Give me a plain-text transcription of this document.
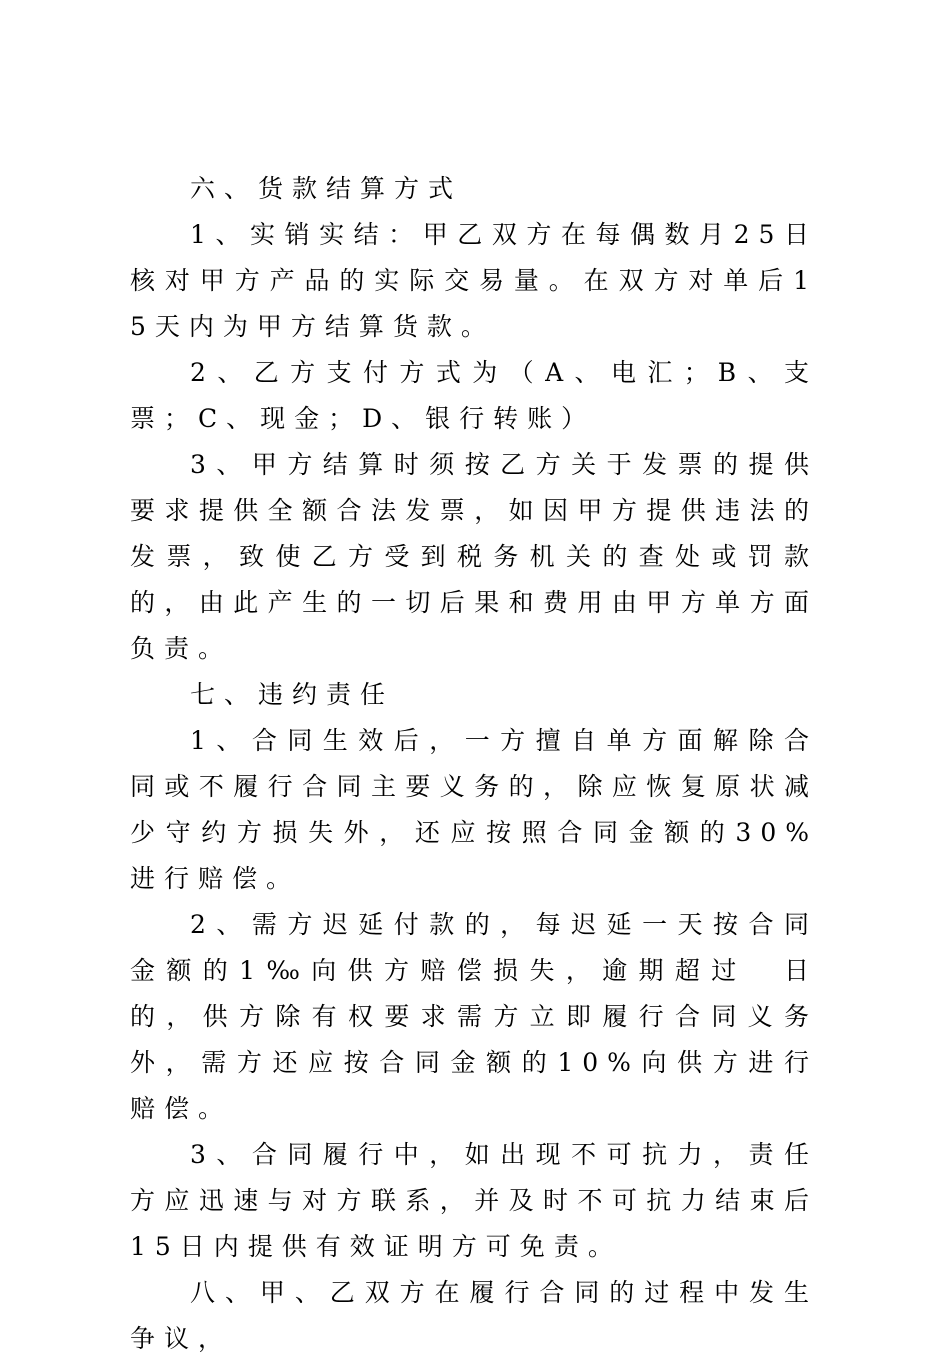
六、货款结算方式

1、实销实结：甲乙双方在每偶数月25日核对甲方产品的实际交易量。在双方对单后15天内为甲方结算货款。

2、乙方支付方式为（A、电汇；B、支票；C、现金；D、银行转账）

3、甲方结算时须按乙方关于发票的提供要求提供全额合法发票，如因甲方提供违法的发票，致使乙方受到税务机关的查处或罚款的，由此产生的一切后果和费用由甲方单方面负责。

七、违约责任

1、合同生效后，一方擅自单方面解除合同或不履行合同主要义务的，除应恢复原状减少守约方损失外，还应按照合同金额的30%进行赔偿。

2、需方迟延付款的，每迟延一天按合同金额的1‰向供方赔偿损失，逾期超过　日的，供方除有权要求需方立即履行合同义务外，需方还应按合同金额的10%向供方进行赔偿。

3、合同履行中，如出现不可抗力，责任方应迅速与对方联系，并及时不可抗力结束后15日内提供有效证明方可免责。

八、甲、乙双方在履行合同的过程中发生争议，
